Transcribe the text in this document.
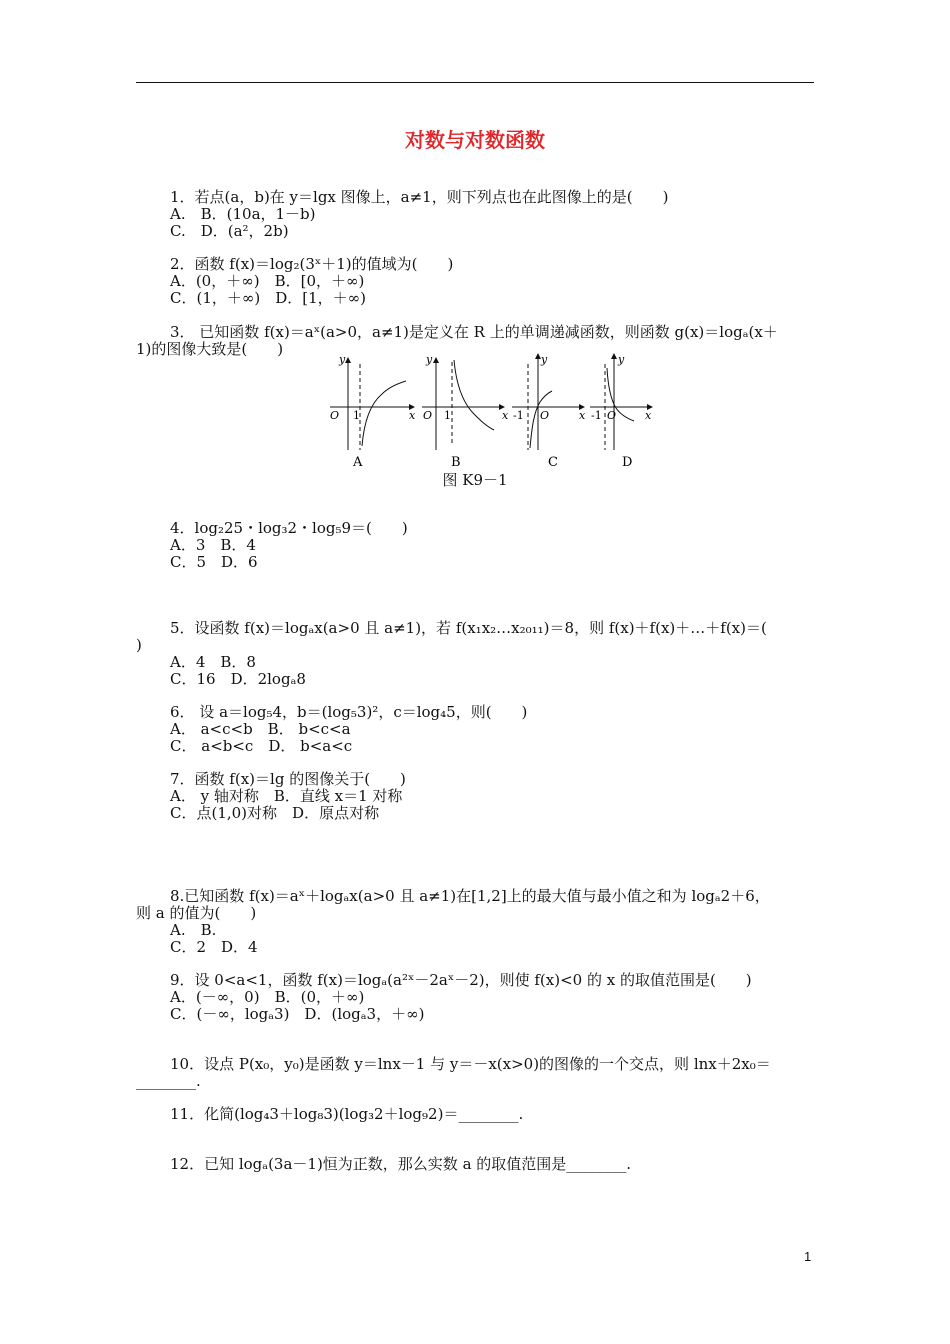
对数与对数函数
1．若点(a，b)在 y＝lgx 图像上，a≠1，则下列点也在此图像上的是(　　)
A.　B．(10a，1－b)
C.　D．(a²，2b)
2．函数 f(x)＝log₂(3ˣ＋1)的值域为(　　)
A．(0，＋∞)　B．[0，＋∞)
C．(1，＋∞)　D．[1，＋∞)
3． 已知函数 f(x)＝aˣ(a>0，a≠1)是定义在 R 上的单调递减函数，则函数 g(x)＝logₐ(x＋
1)的图像大致是(　　)
O 1	x
y
A
O 1	x
y
B
-1 O	x
y
C
-1 O	x
y
D
图 K9－1
4．log₂25・log₃2・log₅9＝(　　)
A．3　B．4
C．5　D．6
5．设函数 f(x)＝logₐx(a>0 且 a≠1)，若 f(x₁x₂…x₂₀₁₁)＝8，则 f(x)＋f(x)＋…＋f(x)＝(
)
A．4　B．8
C．16　D．2logₐ8
6． 设 a＝log₅4，b＝(log₅3)²，c＝log₄5，则(　　)
A． a<c<b　B． b<c<a
C． a<b<c　D． b<a<c
7．函数 f(x)＝lg 的图像关于(　　)
A． y 轴对称　B．直线 x＝1 对称
C．点(1,0)对称　D．原点对称
8.已知函数 f(x)＝aˣ＋logₐx(a>0 且 a≠1)在[1,2]上的最大值与最小值之和为 logₐ2＋6，
则 a 的值为(　　)
A.　B.
C．2　D．4
9．设 0<a<1，函数 f(x)＝logₐ(a²ˣ－2aˣ－2)，则使 f(x)<0 的 x 的取值范围是(　　)
A．(－∞，0)　B．(0，＋∞)
C．(－∞，logₐ3)　D．(logₐ3，＋∞)
10．设点 P(x₀，y₀)是函数 y＝lnx－1 与 y＝－x(x>0)的图像的一个交点，则 lnx＋2x₀＝
________.
11．化简(log₄3＋log₈3)(log₃2＋log₉2)＝________.
12．已知 logₐ(3a－1)恒为正数，那么实数 a 的取值范围是________.
1
